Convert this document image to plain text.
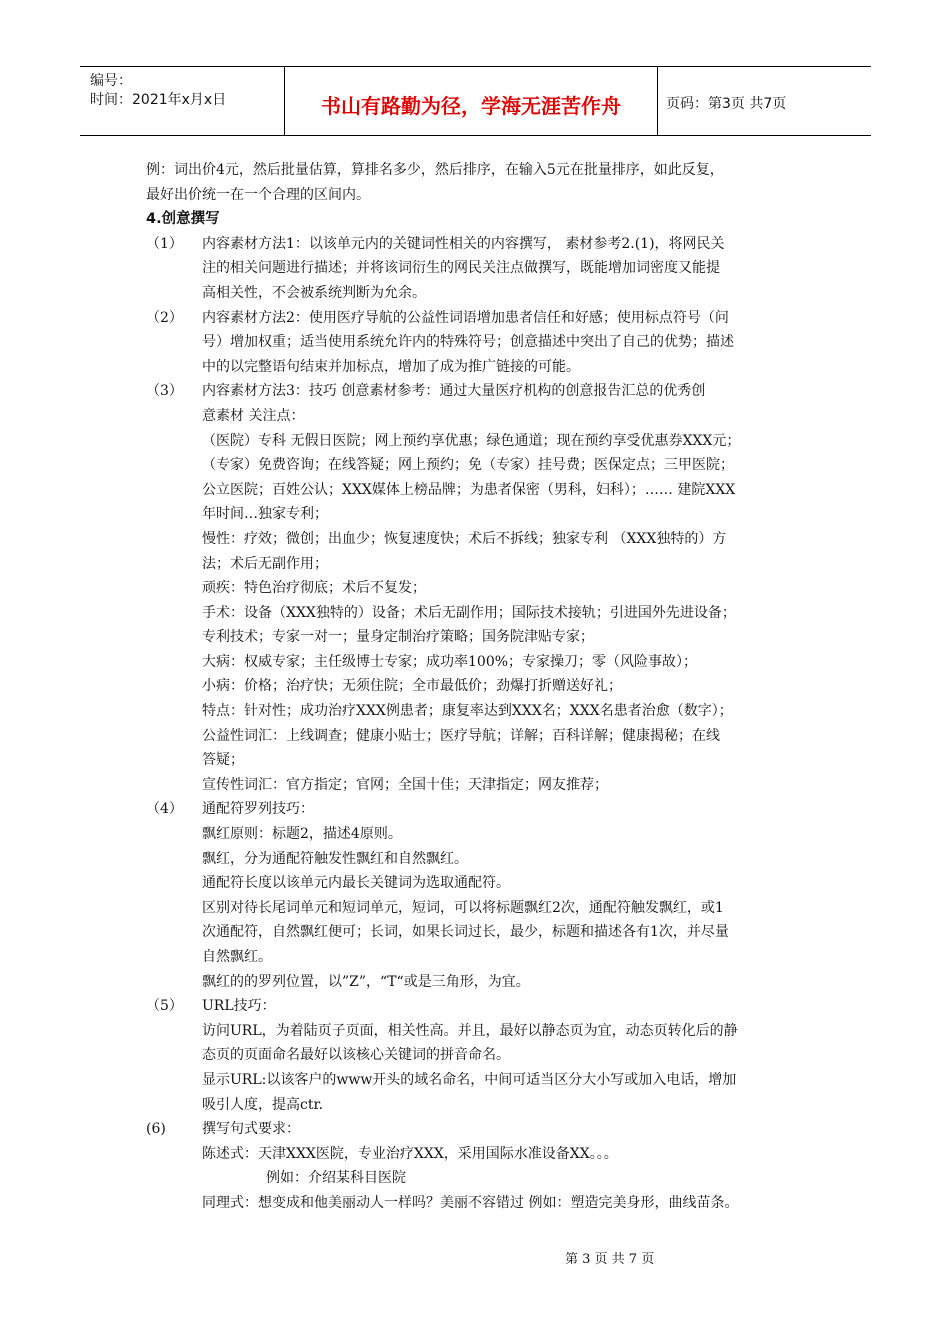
编号：
时间：2021年x月x日	书山有路勤为径，学海无涯苦作舟	页码：第3页 共7页
例：词出价4元，然后批量估算，算排名多少，然后排序，在输入5元在批量排序，如此反复，
最好出价统一在一个合理的区间内。
4.创意撰写
（1）	内容素材方法1：以该单元内的关键词性相关的内容撰写， 素材参考2.(1)，将网民关
注的相关问题进行描述；并将该词衍生的网民关注点做撰写，既能增加词密度又能提
高相关性，不会被系统判断为允余。
（2）	内容素材方法2：使用医疗导航的公益性词语增加患者信任和好感；使用标点符号（问
号）增加权重；适当使用系统允许内的特殊符号；创意描述中突出了自己的优势；描述
中的以完整语句结束并加标点，增加了成为推广链接的可能。
（3）	内容素材方法3：技巧 创意素材参考：通过大量医疗机构的创意报告汇总的优秀创
意素材 关注点：
（医院）专科 无假日医院；网上预约享优惠；绿色通道；现在预约享受优惠券XXX元；
（专家）免费咨询；在线答疑；网上预约；免（专家）挂号费；医保定点；三甲医院；
公立医院；百姓公认；XXX媒体上榜品牌；为患者保密（男科，妇科）；…… 建院XXX
年时间…独家专利；
慢性：疗效；微创；出血少；恢复速度快；术后不拆线；独家专利 （XXX独特的）方
法；术后无副作用；
顽疾：特色治疗彻底；术后不复发；
手术：设备（XXX独特的）设备；术后无副作用；国际技术接轨；引进国外先进设备；
专利技术；专家一对一；量身定制治疗策略；国务院津贴专家；
大病：权威专家；主任级博士专家；成功率100%；专家操刀；零（风险事故）；
小病：价格；治疗快；无须住院；全市最低价；劲爆打折赠送好礼；
特点：针对性；成功治疗XXX例患者；康复率达到XXX名；XXX名患者治愈（数字）；
公益性词汇：上线调查；健康小贴士；医疗导航；详解；百科详解；健康揭秘；在线
答疑；
宣传性词汇：官方指定；官网；全国十佳；天津指定；网友推荐；
（4）	通配符罗列技巧：
飘红原则：标题2，描述4原则。
飘红，分为通配符触发性飘红和自然飘红。
通配符长度以该单元内最长关键词为选取通配符。
区别对待长尾词单元和短词单元，短词，可以将标题飘红2次，通配符触发飘红，或1
次通配符，自然飘红便可；长词，如果长词过长，最少，标题和描述各有1次，并尽量
自然飘红。
飘红的的罗列位置，以”Z”，“T“或是三角形，为宜。
（5）	URL技巧：
访问URL，为着陆页子页面，相关性高。并且，最好以静态页为宜，动态页转化后的静
态页的页面命名最好以该核心关键词的拼音命名。
显示URL:以该客户的www开头的域名命名，中间可适当区分大小写或加入电话，增加
吸引人度，提高ctr.
(6)	撰写句式要求：
陈述式：天津XXX医院，专业治疗XXX，采用国际水准设备XX。。。
例如：介绍某科目医院
同理式：想变成和他美丽动人一样吗？美丽不容错过 例如：塑造完美身形，曲线苗条。
第 3 页 共 7 页
